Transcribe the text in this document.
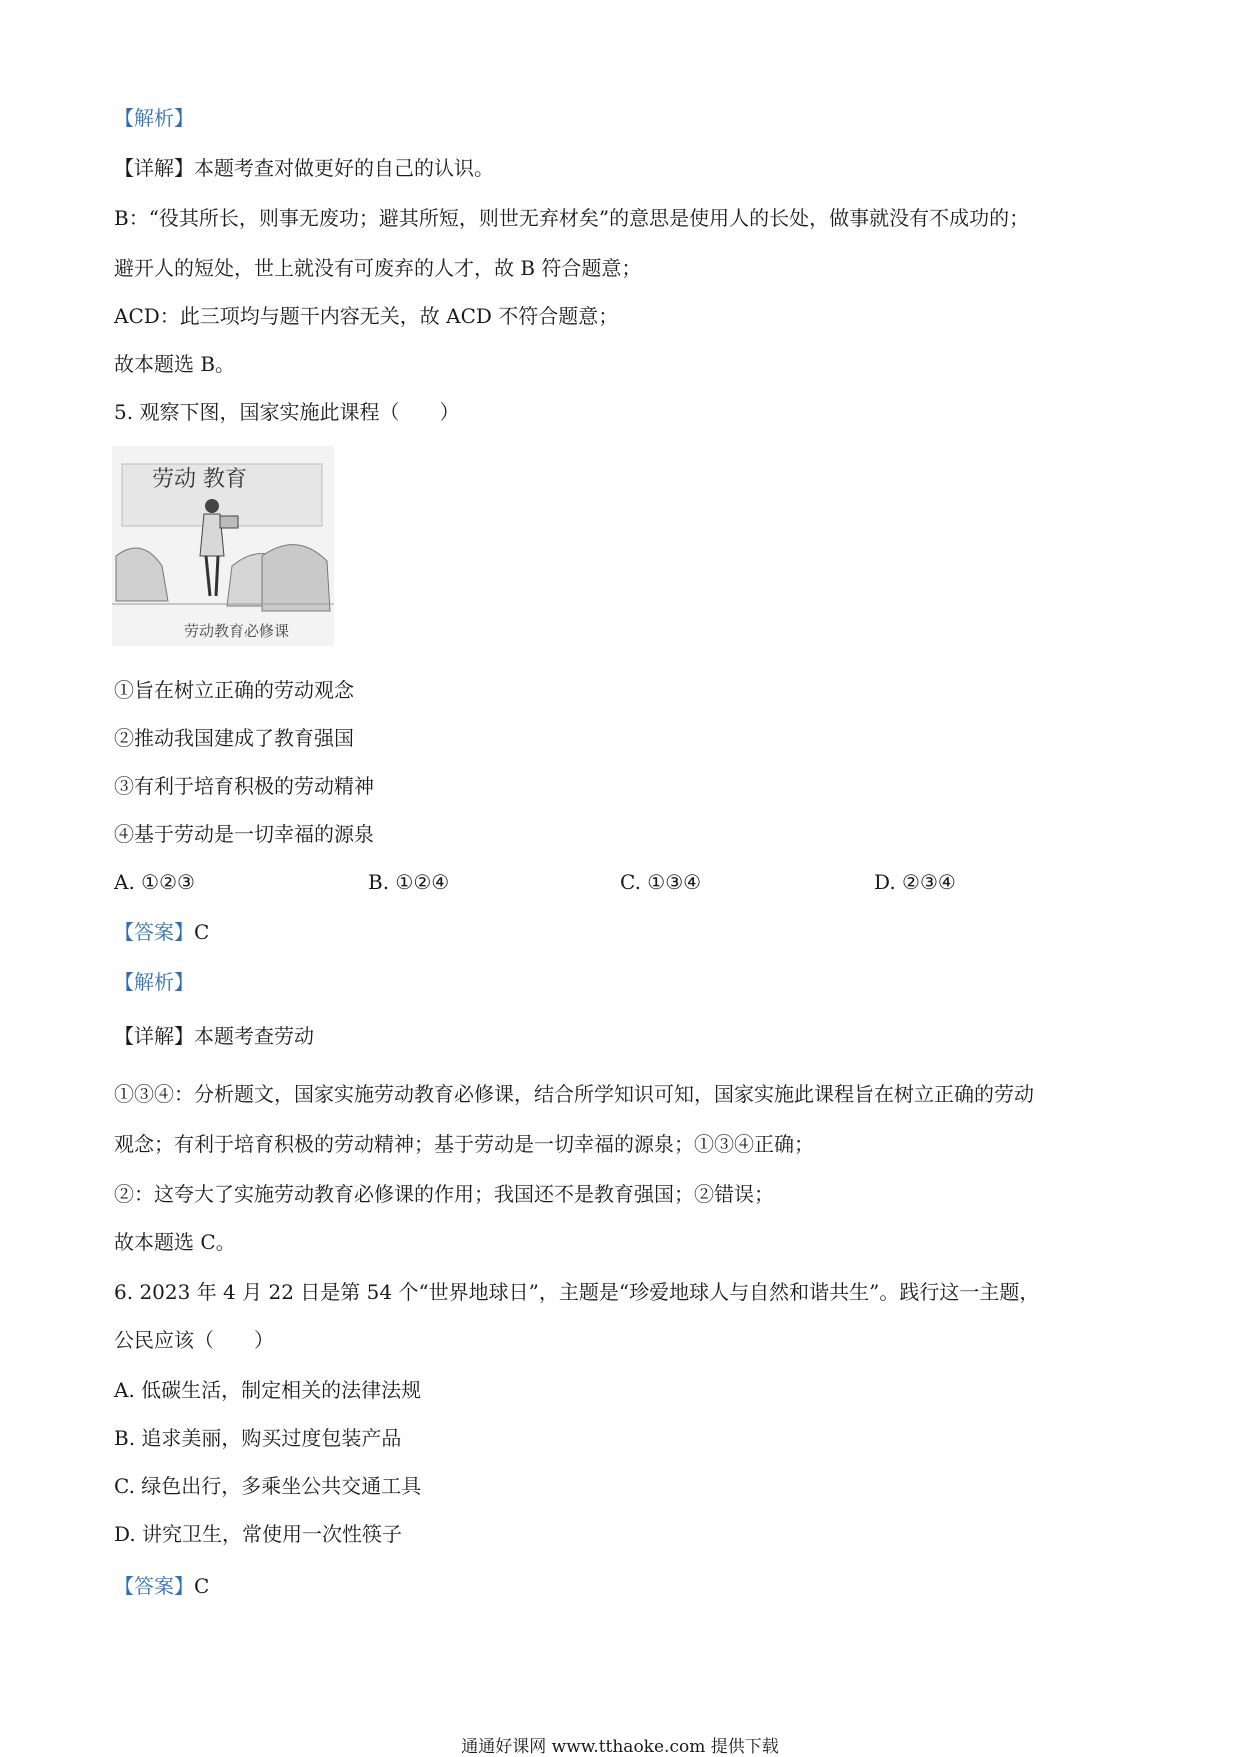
【解析】
【详解】本题考查对做更好的自己的认识。
B：“役其所长，则事无废功；避其所短，则世无弃材矣”的意思是使用人的长处，做事就没有不成功的；
避开人的短处，世上就没有可废弃的人才，故 B 符合题意；
ACD：此三项均与题干内容无关，故 ACD 不符合题意；
故本题选 B。
5. 观察下图，国家实施此课程（　　）
劳动 教育
劳动教育必修课
①旨在树立正确的劳动观念
②推动我国建成了教育强国
③有利于培育积极的劳动精神
④基于劳动是一切幸福的源泉
A. ①②③	B. ①②④	C. ①③④	D. ②③④
【答案】C
【解析】
【详解】本题考查劳动
①③④：分析题文，国家实施劳动教育必修课，结合所学知识可知，国家实施此课程旨在树立正确的劳动
观念；有利于培育积极的劳动精神；基于劳动是一切幸福的源泉；①③④正确；
②：这夸大了实施劳动教育必修课的作用；我国还不是教育强国；②错误；
故本题选 C。
6. 2023 年 4 月 22 日是第 54 个“世界地球日”，主题是“珍爱地球人与自然和谐共生”。践行这一主题，
公民应该（　　）
A. 低碳生活，制定相关的法律法规
B. 追求美丽，购买过度包装产品
C. 绿色出行，多乘坐公共交通工具
D. 讲究卫生，常使用一次性筷子
【答案】C
通通好课网 www.tthaoke.com 提供下载
